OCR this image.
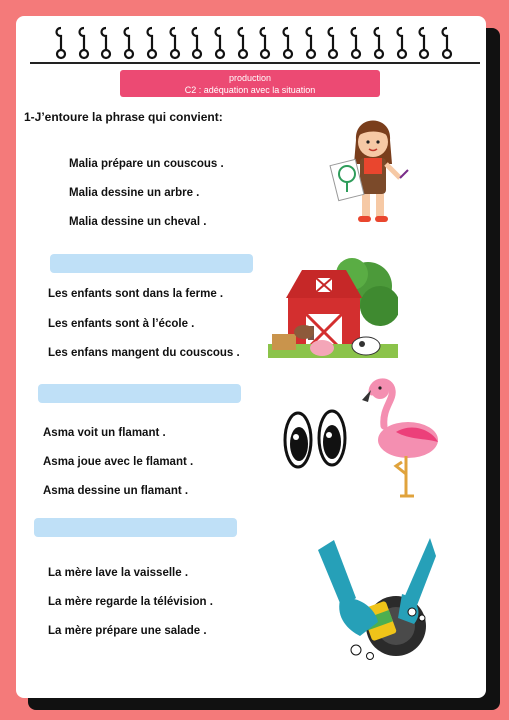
production
C2 : adéquation avec la situation
1-J’entoure la phrase qui convient:
Malia prépare un couscous .
Malia dessine un arbre .
Malia dessine un cheval .
Les enfants sont dans la ferme .
Les enfants sont à l’école .
Les enfans mangent du couscous .
Asma voit un flamant .
Asma joue avec le flamant .
Asma dessine un flamant .
La mère lave la vaisselle .
La mère regarde la télévision .
La mère prépare une salade .
